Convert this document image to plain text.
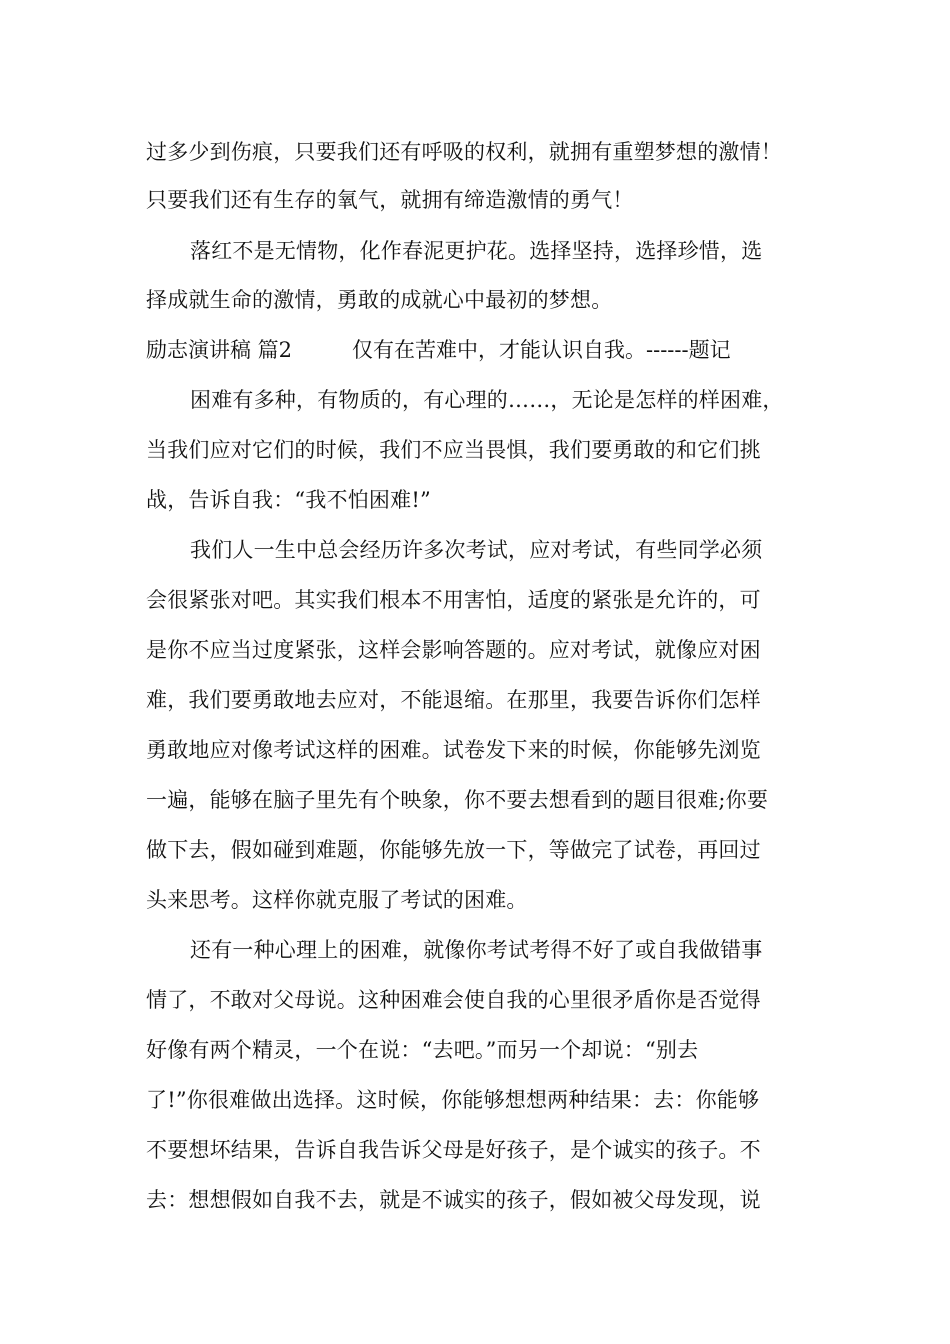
过多少到伤痕，只要我们还有呼吸的权利，就拥有重塑梦想的激情！
只要我们还有生存的氧气，就拥有缔造激情的勇气！
落红不是无情物，化作春泥更护花。选择坚持，选择珍惜，选
择成就生命的激情，勇敢的成就心中最初的梦想。
励志演讲稿 篇2	仅有在苦难中，才能认识自我。------题记
困难有多种，有物质的，有心理的……，无论是怎样的样困难，
当我们应对它们的时候，我们不应当畏惧，我们要勇敢的和它们挑
战，告诉自我：“我不怕困难!”
我们人一生中总会经历许多次考试，应对考试，有些同学必须
会很紧张对吧。其实我们根本不用害怕，适度的紧张是允许的，可
是你不应当过度紧张，这样会影响答题的。应对考试，就像应对困
难，我们要勇敢地去应对，不能退缩。在那里，我要告诉你们怎样
勇敢地应对像考试这样的困难。试卷发下来的时候，你能够先浏览
一遍，能够在脑子里先有个映象，你不要去想看到的题目很难;你要
做下去，假如碰到难题，你能够先放一下，等做完了试卷，再回过
头来思考。这样你就克服了考试的困难。
还有一种心理上的困难，就像你考试考得不好了或自我做错事
情了，不敢对父母说。这种困难会使自我的心里很矛盾你是否觉得
好像有两个精灵，一个在说：“去吧。”而另一个却说：“别去
了!”你很难做出选择。这时候，你能够想想两种结果：去：你能够
不要想坏结果，告诉自我告诉父母是好孩子，是个诚实的孩子。不
去：想想假如自我不去，就是不诚实的孩子，假如被父母发现，说
